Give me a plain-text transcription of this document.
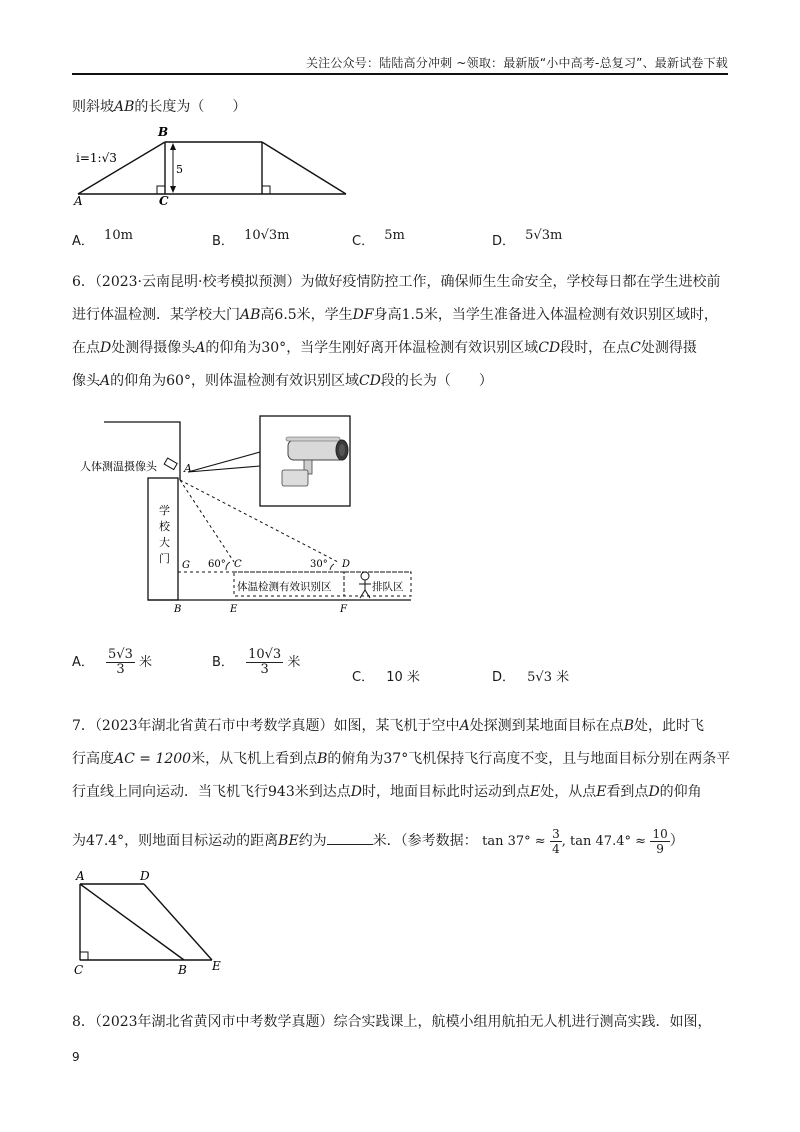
关注公众号：陆陆高分冲刺 ~领取：最新版“小中高考-总复习”、最新试卷下载
则斜坡AB的长度为（　　）
5
B
A	C
i=1:√3
A． 10m	B． 10√3m	C． 5m	D． 5√3m
6．（2023·云南昆明·校考模拟预测）为做好疫情防控工作，确保师生生命安全，学校每日都在学生进校前
进行体温检测．某学校大门AB高6.5米，学生DF身高1.5米，当学生准备进入体温检测有效识别区域时，
在点D处测得摄像头A的仰角为30°，当学生刚好离开体温检测有效识别区域CD段时，在点C处测得摄
像头A的仰角为60°，则体温检测有效识别区域CD段的长为（　　）
学
校
大
门
人体测温摄像头 A
G
体温检测有效识别区	排队区
60° C	30° D
B	E	F
A． $\frac{5√3}{3}$ 米	B． $\frac{10√3}{3}$ 米
C． 10 米	D． 5√3 米
7．（2023年湖北省黄石市中考数学真题）如图，某飞机于空中A处探测到某地面目标在点B处，此时飞
行高度AC = 1200米，从飞机上看到点B的俯角为37°飞机保持飞行高度不变，且与地面目标分别在两条平
行直线上同向运动．当飞机飞行943米到达点D时，地面目标此时运动到点E处，从点E看到点D的仰角
为47.4°，则地面目标运动的距离BE约为	米．（参考数据： $\tan 37^\circ \approx \frac{3}{4}$ , $\tan 47.4^\circ \approx \frac{10}{9}$ ）
A	D
C	B E
8．（2023年湖北省黄冈市中考数学真题）综合实践课上，航模小组用航拍无人机进行测高实践．如图，
9
